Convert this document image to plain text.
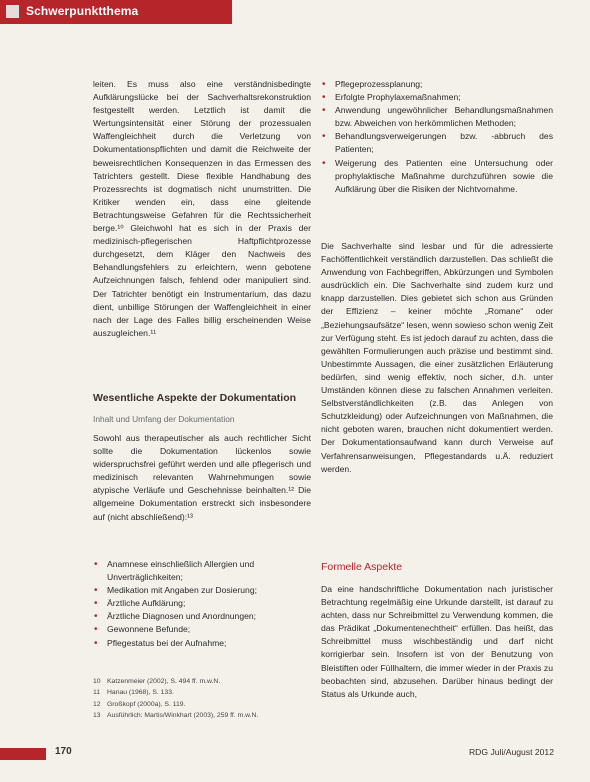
Schwerpunktthema

leiten. Es muss also eine verständnisbedingte Aufklärungslücke bei der Sachverhaltsrekonstruktion festgestellt werden. Letztlich ist damit die Wertungsintensität einer Störung der prozessualen Waffengleichheit durch die Verletzung von Dokumentationspflichten und damit die Reichweite der beweisrechtlichen Konsequenzen in das Ermessen des Tatrichters gestellt. Diese flexible Handhabung des Prozessrechts ist dogmatisch nicht unumstritten. Die Kritiker wenden ein, dass eine gleitende Betrachtungsweise Gefahren für die Rechtssicherheit berge.¹⁰ Gleichwohl hat es sich in der Praxis der medizinisch-pflegerischen Haftpflichtprozesse durchgesetzt, dem Kläger den Nachweis des Behandlungsfehlers zu erleichtern, wenn gebotene Aufzeichnungen falsch, fehlend oder manipuliert sind. Der Tatrichter benötigt ein Instrumentarium, das dazu dient, unbillige Störungen der Waffengleichheit in einer nach der Lage des Falles billig erscheinenden Weise auszugleichen.¹¹

Wesentliche Aspekte der Dokumentation
Inhalt und Umfang der Dokumentation

Sowohl aus therapeutischer als auch rechtlicher Sicht sollte die Dokumentation lückenlos sowie widerspruchsfrei geführt werden und alle pflegerisch und medizinisch relevanten Wahrnehmungen sowie atypische Verläufe und Geschehnisse beinhalten.¹² Die allgemeine Dokumentation erstreckt sich insbesondere auf (nicht abschließend):¹³

• Anamnese einschließlich Allergien und Unverträglichkeiten;
• Medikation mit Angaben zur Dosierung;
• Ärztliche Aufklärung;
• Ärztliche Diagnosen und Anordnungen;
• Gewonnene Befunde;
• Pflegestatus bei der Aufnahme;
10 Katzenmeier (2002), S. 494 ff. m.w.N.
11 Hanau (1968), S. 133.
12 Großkopf (2000a), S. 119.
13 Ausführlich: Martis/Winkhart (2003), 259 ff. m.w.N.
• Pflegeprozessplanung;
• Erfolgte Prophylaxemaßnahmen;
• Anwendung ungewöhnlicher Behandlungsmaßnahmen bzw. Abweichen von herkömmlichen Methoden;
• Behandlungsverweigerungen bzw. -abbruch des Patienten;
• Weigerung des Patienten eine Untersuchung oder prophylaktische Maßnahme durchzuführen sowie die Aufklärung über die Risiken der Nichtvornahme.

Die Sachverhalte sind lesbar und für die adressierte Fachöffentlichkeit verständlich darzustellen. Das schließt die Anwendung von Fachbegriffen, Abkürzungen und Symbolen ausdrücklich ein. Die Sachverhalte sind zudem kurz und knapp darzustellen. Dies gebietet sich schon aus Gründen der Effizienz – keiner möchte „Romane“ oder „Beziehungsaufsätze“ lesen, wenn sowieso schon wenig Zeit zur Verfügung steht. Es ist jedoch darauf zu achten, dass die gewählten Formulierungen auch präzise und bestimmt sind. Unbestimmte Aussagen, die einer zusätzlichen Erläuterung bedürfen, sind wenig effektiv, noch sicher, d.h. unter Umständen können diese zu falschen Annahmen verleiten. Selbstverständlichkeiten (z.B. das Anlegen von Schutzkleidung) oder Aufzeichnungen von Maßnahmen, die nicht geboten waren, brauchen nicht dokumentiert werden. Der Dokumentationsaufwand kann durch Verweise auf Verfahrensanweisungen, Pflegestandards u.Ä. reduziert werden.

Formelle Aspekte

Da eine handschriftliche Dokumentation nach juristischer Betrachtung regelmäßig eine Urkunde darstellt, ist darauf zu achten, dass nur Schreibmittel zu Verwendung kommen, die das Prädikat „Dokumentenechtheit“ erfüllen. Das heißt, das Schreibmittel muss wischbeständig und darf nicht korrigierbar sein. Insofern ist von der Benutzung von Bleistiften oder Füllhaltern, die immer wieder in der Praxis zu beobachten sind, abzusehen. Darüber hinaus bedingt der Status als Urkunde auch,

170	RDG Juli/August 2012
